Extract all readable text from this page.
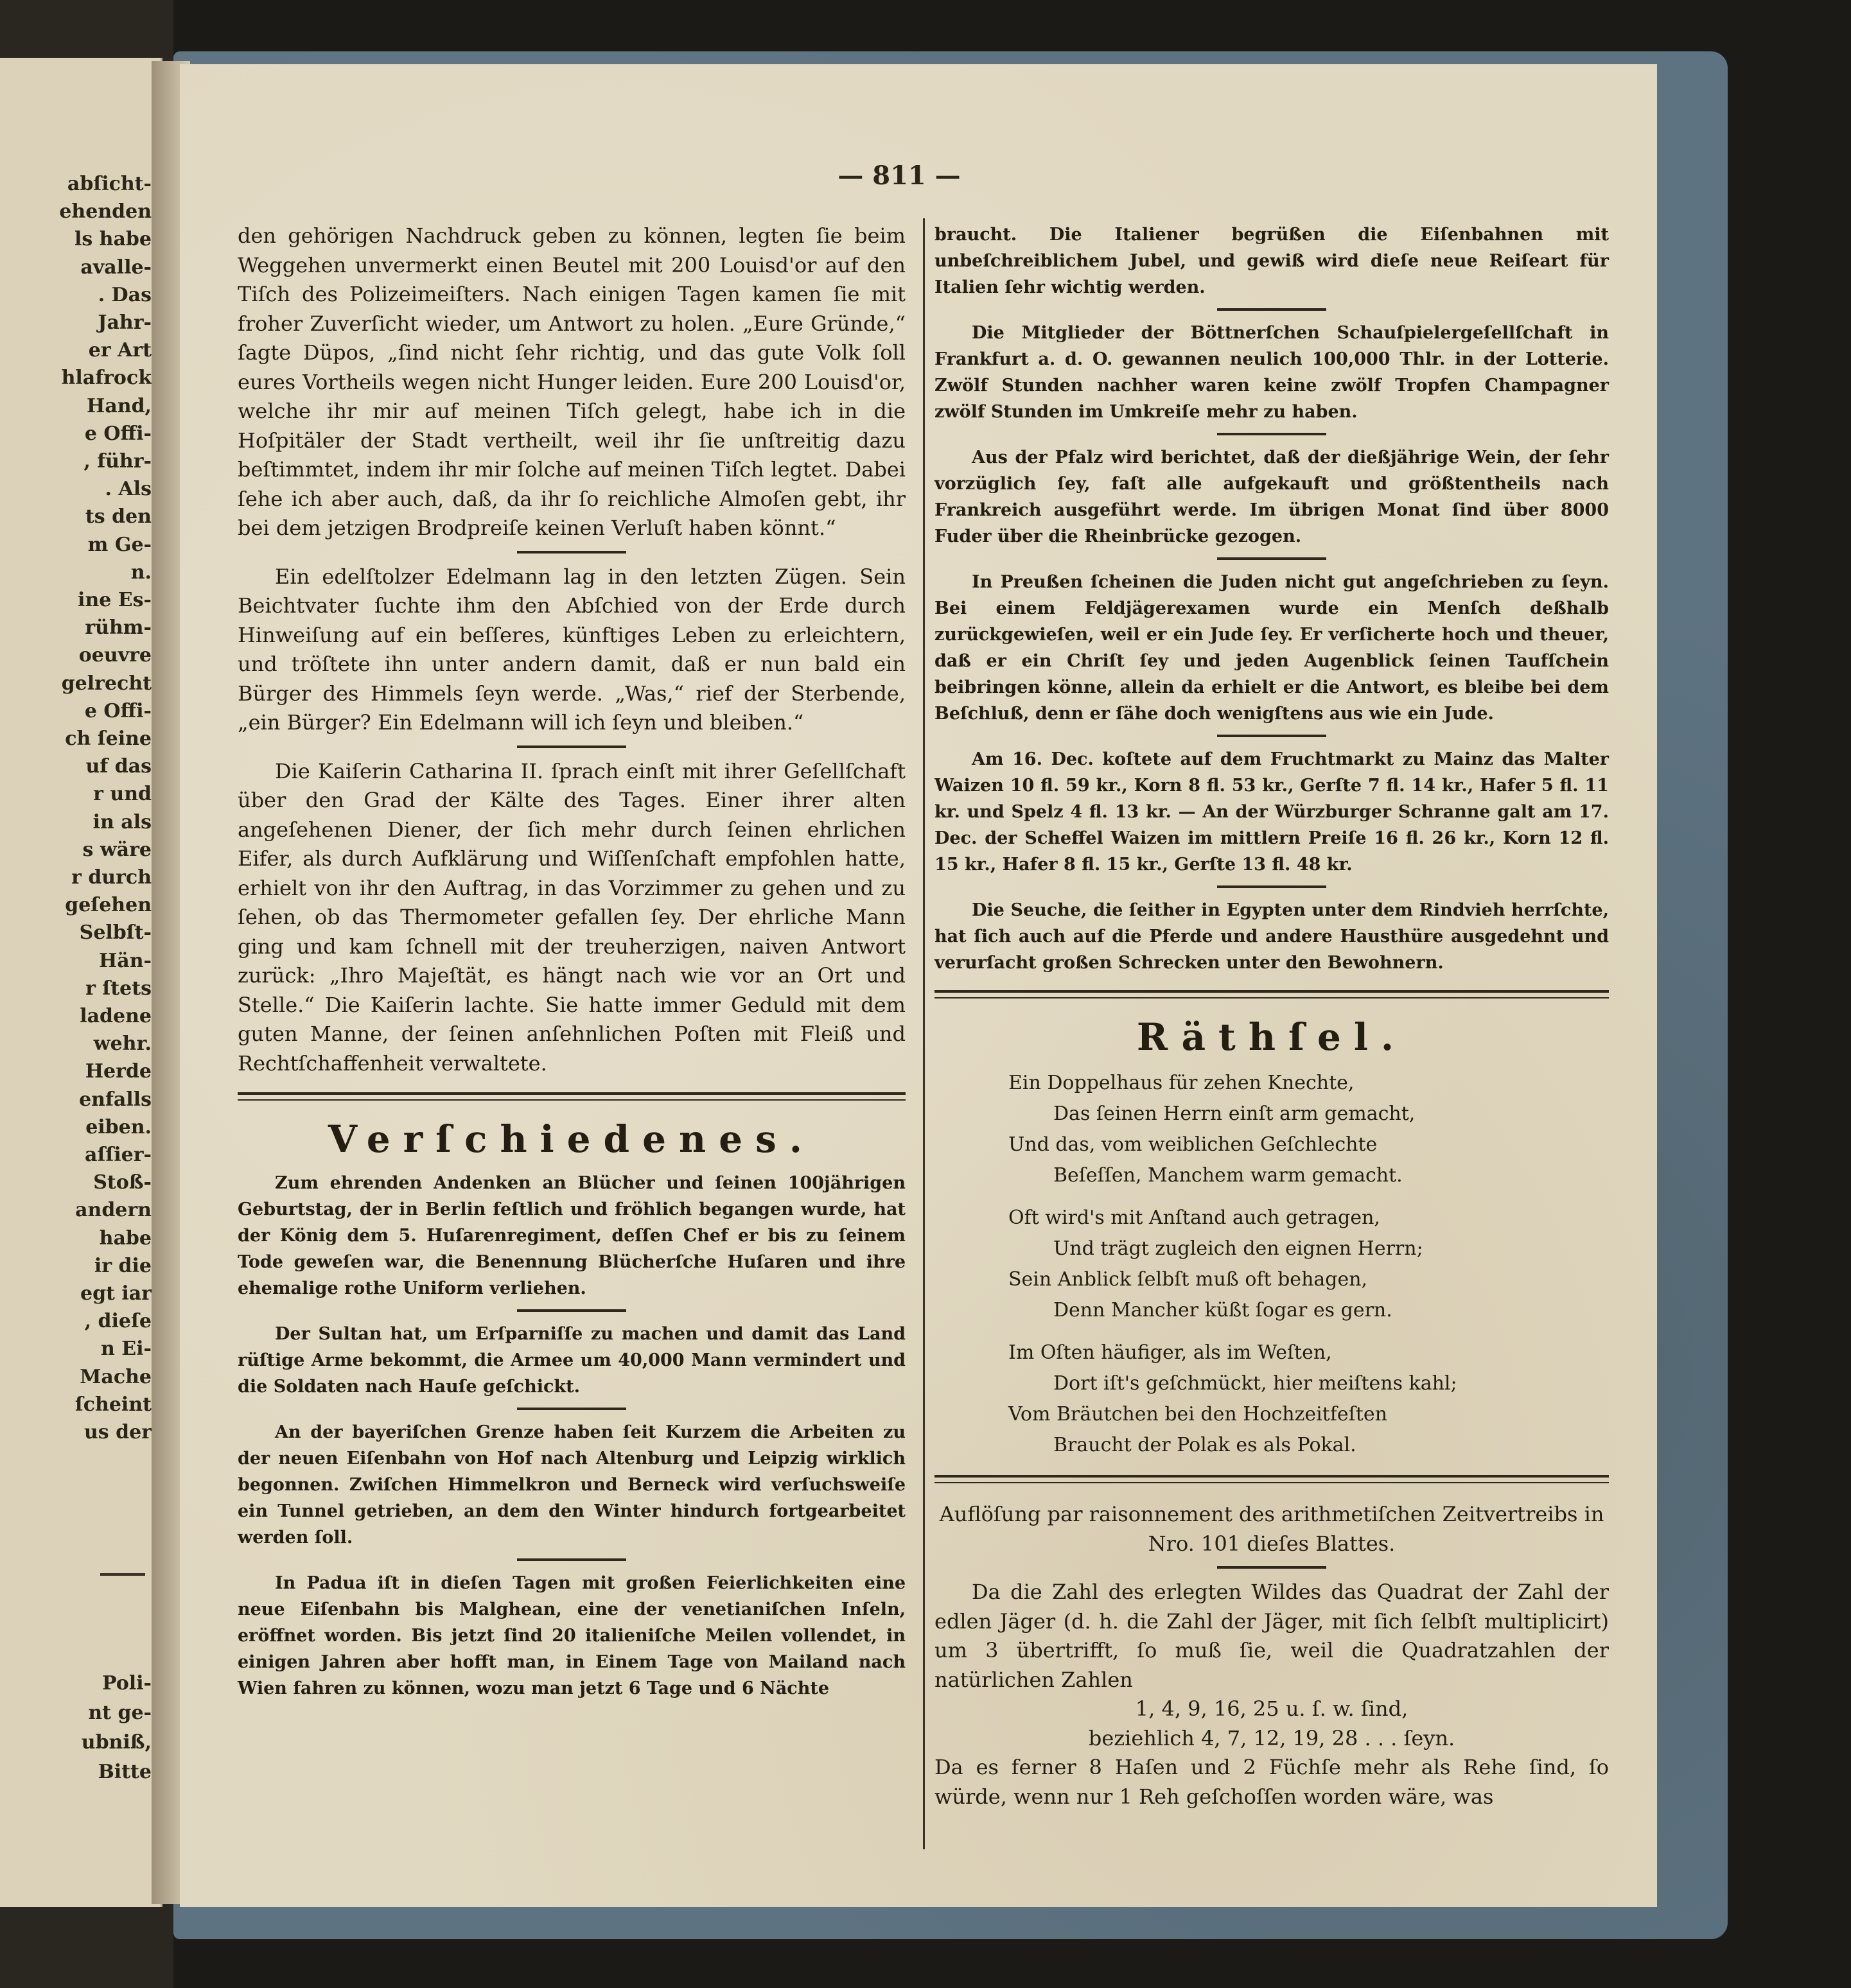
abſicht-
ehenden
ls habe
avalle-
. Das
Jahr-
er Art
hlafrock
Hand,
e Offi-
, führ-
. Als
ts den
m Ge-
n.
ine Es-
rühm-
oeuvre
gelrecht
e Offi-
ch ſeine
uf das
r und
in als
s wäre
r durch
geſehen
Selbſt-
Hän-
r ſtets
ladene
wehr.
Herde
enfalls
eiben.
aſſier-
Stoß-
andern
habe
ir die
egt iar
, dieſe
n Ei-
Mache
ſcheint
us der
Poli-
nt ge-
ubniß,
Bitte
— 811 —

den gehörigen Nachdruck geben zu können, legten ſie beim Weggehen unvermerkt einen Beutel mit 200 Louisd'or auf den Tiſch des Polizeimeiſters. Nach einigen Tagen kamen ſie mit froher Zuverſicht wieder, um Antwort zu holen. „Eure Gründe,“ ſagte Düpos, „ſind nicht ſehr richtig, und das gute Volk ſoll eures Vortheils wegen nicht Hunger leiden. Eure 200 Louisd'or, welche ihr mir auf meinen Tiſch gelegt, habe ich in die Hoſpitäler der Stadt vertheilt, weil ihr ſie unſtreitig dazu beſtimmtet, indem ihr mir ſolche auf meinen Tiſch legtet. Dabei ſehe ich aber auch, daß, da ihr ſo reichliche Almoſen gebt, ihr bei dem jetzigen Brodpreiſe keinen Verluſt haben könnt.“

Ein edelſtolzer Edelmann lag in den letzten Zügen. Sein Beichtvater ſuchte ihm den Abſchied von der Erde durch Hinweiſung auf ein beſſeres, künftiges Leben zu erleichtern, und tröſtete ihn unter andern damit, daß er nun bald ein Bürger des Himmels ſeyn werde. „Was,“ rief der Sterbende, „ein Bürger? Ein Edelmann will ich ſeyn und bleiben.“

Die Kaiſerin Catharina II. ſprach einſt mit ihrer Geſellſchaft über den Grad der Kälte des Tages. Einer ihrer alten angeſehenen Diener, der ſich mehr durch ſeinen ehrlichen Eifer, als durch Aufklärung und Wiſſenſchaft empfohlen hatte, erhielt von ihr den Auftrag, in das Vorzimmer zu gehen und zu ſehen, ob das Thermometer gefallen ſey. Der ehrliche Mann ging und kam ſchnell mit der treuherzigen, naiven Antwort zurück: „Ihro Majeſtät, es hängt nach wie vor an Ort und Stelle.“ Die Kaiſerin lachte. Sie hatte immer Geduld mit dem guten Manne, der ſeinen anſehnlichen Poſten mit Fleiß und Rechtſchaffenheit verwaltete.

Verſchiedenes.

Zum ehrenden Andenken an Blücher und ſeinen 100jährigen Geburtstag, der in Berlin feſtlich und fröhlich begangen wurde, hat der König dem 5. Huſarenregiment, deſſen Chef er bis zu ſeinem Tode geweſen war, die Benennung Blücherſche Huſaren und ihre ehemalige rothe Uniform verliehen.

Der Sultan hat, um Erſparniſſe zu machen und damit das Land rüſtige Arme bekommt, die Armee um 40,000 Mann vermindert und die Soldaten nach Hauſe geſchickt.

An der bayeriſchen Grenze haben ſeit Kurzem die Arbeiten zu der neuen Eiſenbahn von Hof nach Altenburg und Leipzig wirklich begonnen. Zwiſchen Himmelkron und Berneck wird verſuchsweiſe ein Tunnel getrieben, an dem den Winter hindurch fortgearbeitet werden ſoll.

In Padua iſt in dieſen Tagen mit großen Feierlichkeiten eine neue Eiſenbahn bis Malghean, eine der venetianiſchen Inſeln, eröffnet worden. Bis jetzt ſind 20 italieniſche Meilen vollendet, in einigen Jahren aber hofft man, in Einem Tage von Mailand nach Wien fahren zu können, wozu man jetzt 6 Tage und 6 Nächte

braucht. Die Italiener begrüßen die Eiſenbahnen mit unbeſchreiblichem Jubel, und gewiß wird dieſe neue Reiſeart für Italien ſehr wichtig werden.

Die Mitglieder der Böttnerſchen Schauſpielergeſellſchaft in Frankfurt a. d. O. gewannen neulich 100,000 Thlr. in der Lotterie. Zwölf Stunden nachher waren keine zwölf Tropfen Champagner zwölf Stunden im Umkreiſe mehr zu haben.

Aus der Pfalz wird berichtet, daß der dießjährige Wein, der ſehr vorzüglich ſey, faſt alle aufgekauft und größtentheils nach Frankreich ausgeführt werde. Im übrigen Monat ſind über 8000 Fuder über die Rheinbrücke gezogen.

In Preußen ſcheinen die Juden nicht gut angeſchrieben zu ſeyn. Bei einem Feldjägerexamen wurde ein Menſch deßhalb zurückgewieſen, weil er ein Jude ſey. Er verſicherte hoch und theuer, daß er ein Chriſt ſey und jeden Augenblick ſeinen Taufſchein beibringen könne, allein da erhielt er die Antwort, es bleibe bei dem Beſchluß, denn er ſähe doch wenigſtens aus wie ein Jude.

Am 16. Dec. koſtete auf dem Fruchtmarkt zu Mainz das Malter Waizen 10 fl. 59 kr., Korn 8 fl. 53 kr., Gerſte 7 fl. 14 kr., Hafer 5 fl. 11 kr. und Spelz 4 fl. 13 kr. — An der Würzburger Schranne galt am 17. Dec. der Scheffel Waizen im mittlern Preiſe 16 fl. 26 kr., Korn 12 fl. 15 kr., Hafer 8 fl. 15 kr., Gerſte 13 fl. 48 kr.

Die Seuche, die ſeither in Egypten unter dem Rindvieh herrſchte, hat ſich auch auf die Pferde und andere Hausthüre ausgedehnt und verurſacht großen Schrecken unter den Bewohnern.

Räthſel.
Ein Doppelhaus für zehen Knechte,
Das ſeinen Herrn einſt arm gemacht,
Und das, vom weiblichen Geſchlechte
Beſeſſen, Manchem warm gemacht.
Oft wird's mit Anſtand auch getragen,
Und trägt zugleich den eignen Herrn;
Sein Anblick ſelbſt muß oft behagen,
Denn Mancher küßt ſogar es gern.
Im Oſten häufiger, als im Weſten,
Dort iſt's geſchmückt, hier meiſtens kahl;
Vom Bräutchen bei den Hochzeitfeſten
Braucht der Polak es als Pokal.

Auflöſung par raisonnement des arithmetiſchen Zeitvertreibs in Nro. 101 dieſes Blattes.

Da die Zahl des erlegten Wildes das Quadrat der Zahl der edlen Jäger (d. h. die Zahl der Jäger, mit ſich ſelbſt multiplicirt) um 3 übertrifft, ſo muß ſie, weil die Quadratzahlen der natürlichen Zahlen

1, 4, 9, 16, 25 u. ſ. w. ſind,

beziehlich 4, 7, 12, 19, 28 . . . ſeyn.

Da es ferner 8 Haſen und 2 Füchſe mehr als Rehe ſind, ſo würde, wenn nur 1 Reh geſchoſſen worden wäre, was
